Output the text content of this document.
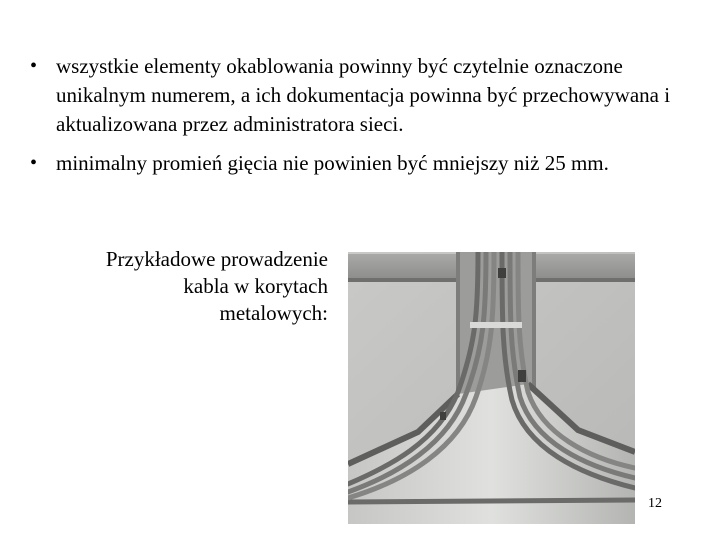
• wszystkie elementy okablowania powinny być czytelnie oznaczone unikalnym numerem, a ich dokumentacja powinna być przechowywana i aktualizowana przez administratora sieci.
• minimalny promień gięcia nie powinien być mniejszy niż 25 mm.
Przykładowe prowadzenie
kabla w korytach
metalowych:
12
